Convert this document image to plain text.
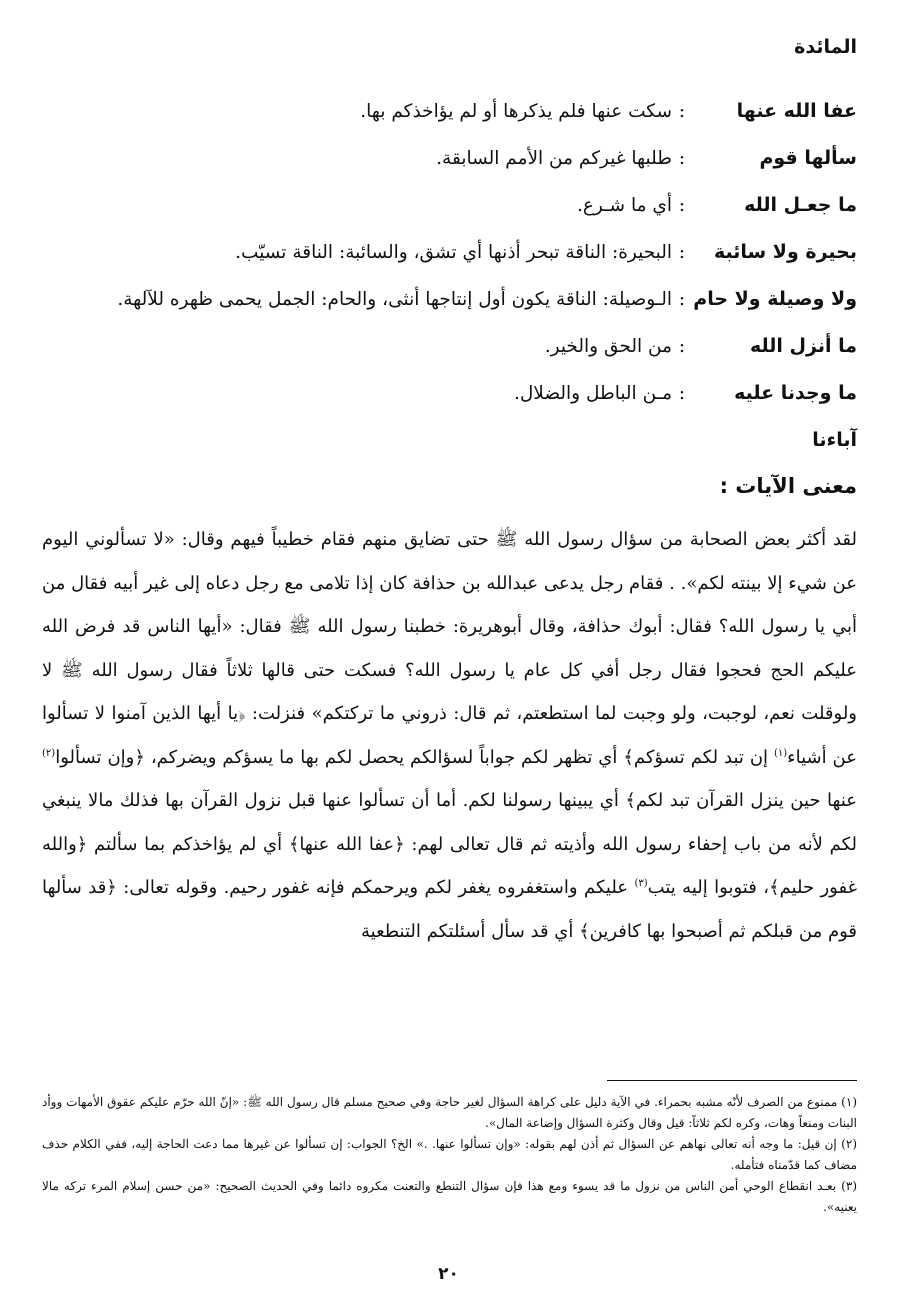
المائدة
عفا الله عنها
:
سكت عنها فلم يذكرها أو لم يؤاخذكم بها.
سألها قوم
:
طلبها غيركم من الأمم السابقة.
ما جعـل الله
:
أي ما شـرع.
بحيرة ولا سائبة
:
البحيرة: الناقة تبحر أذنها أي تشق، والسائبة: الناقة تسيّب.
ولا وصيلة ولا حام
:
الـوصيلة: الناقة يكون أول إنتاجها أنثى، والحام: الجمل يحمى ظهره للآلهة.
ما أنزل الله
:
من الحق والخير.
ما وجدنا عليه آباءنا
:
مـن الباطل والضلال.
معنى الآيات :

لقد أكثر بعض الصحابة من سؤال رسول الله ﷺ حتى تضايق منهم فقام خطيباً فيهم وقال: «لا تسألوني اليوم عن شيء إلا بينته لكم». . فقام رجل يدعى عبدالله بن حذافة كان إذا تلامى مع رجل دعاه إلى غير أبيه فقال من أبي يا رسول الله؟ فقال: أبوك حذافة، وقال أبوهريرة: خطبنا رسول الله ﷺ فقال: «أيها الناس قد فرض الله عليكم الحج فحجوا فقال رجل أفي كل عام يا رسول الله؟ فسكت حتى قالها ثلاثاً فقال رسول الله ﷺ لا ولوقلت نعم، لوجبت، ولو وجبت لما استطعتم، ثم قال: ذروني ما تركتكم» فنزلت: ﴿يا أيها الذين آمنوا لا تسألوا عن أشياء$^{(١)}$ إن تبد لكم تسؤكم﴾ أي تظهر لكم جواباً لسؤالكم يحصل لكم بها ما يسؤكم ويضركم، ﴿وإن تسألوا$^{(٢)}$ عنها حين ينزل القرآن تبد لكم﴾ أي يبينها رسولنا لكم. أما أن تسألوا عنها قبل نزول القرآن بها فذلك مالا ينبغي لكم لأنه من باب إحفاء رسول الله وأذيته ثم قال تعالى لهم: ﴿عفا الله عنها﴾ أي لم يؤاخذكم بما سألتم ﴿والله غفور حليم﴾، فتوبوا إليه يتب$^{(٣)}$ عليكم واستغفروه يغفر لكم ويرحمكم فإنه غفور رحيم. وقوله تعالى: ﴿قد سألها قوم من قبلكم ثم أصبحوا بها كافرين﴾ أي قد سأل أسئلتكم التنطعية

(١) ممنوع من الصرف لأنّه مشبه بحمراء. في الآية دليل على كراهة السؤال لغير حاجة وفي صحيح مسلم قال رسول الله ﷺ: «إنّ الله حرّم عليكم عقوق الأمهات ووأد البنات ومنعاً وهات، وكره لكم ثلاثاً: قيل وقال وكثرة السؤال وإضاعة المال».

(٢) إن قيل: ما وجه أنه تعالى نهاهم عن السؤال ثم أذن لهم بقوله: «وإن تسألوا عنها. .» الخ؟ الجواب: إن تسألوا عن غيرها مما دعت الحاجة إليه، ففي الكلام حذف مضاف كما قدّمناه فتأمله.

(٣) بعـد انقطاع الوحي أمن الناس من نزول ما قد يسوء ومع هذا فإن سؤال التنطع والتعنت مكروه دائما وفي الحديث الصحيح: «من حسن إسلام المرء تركه مالا يعنيه».

٢٠
